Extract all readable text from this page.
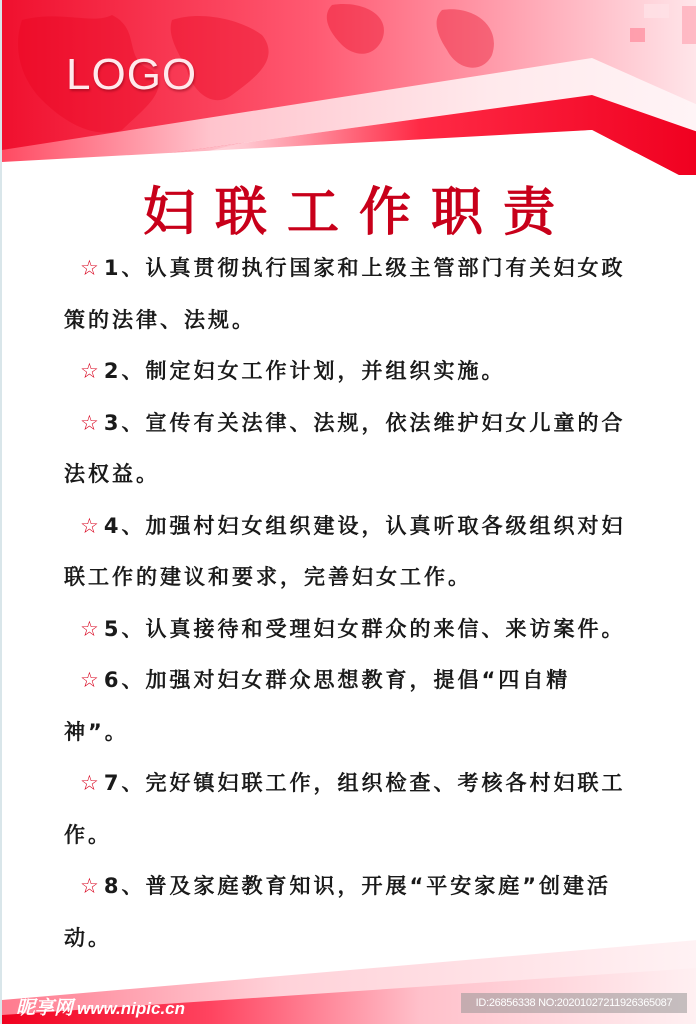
LOGO
妇联工作职责
☆1、认真贯彻执行国家和上级主管部门有关妇女政
策的法律、法规。
☆2、制定妇女工作计划，并组织实施。
☆3、宣传有关法律、法规，依法维护妇女儿童的合
法权益。
☆4、加强村妇女组织建设，认真听取各级组织对妇
联工作的建议和要求，完善妇女工作。
☆5、认真接待和受理妇女群众的来信、来访案件。
☆6、加强对妇女群众思想教育，提倡“四自精
神”。
☆7、完好镇妇联工作，组织检查、考核各村妇联工
作。
☆8、普及家庭教育知识，开展“平安家庭”创建活
动。
昵享网 www.nipic.cn	ID:26856338 NO:20201027211926365087
